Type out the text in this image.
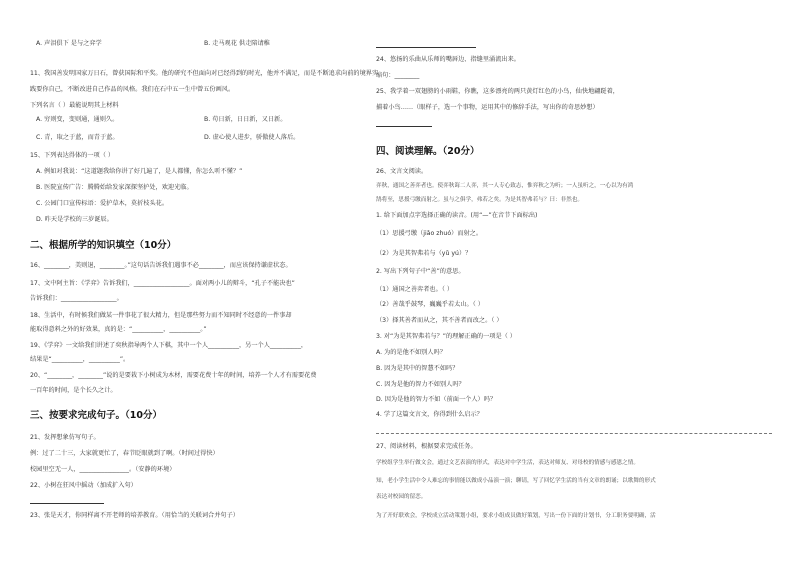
A. 声泪俱下 是与之弈学	B. 走马观花 供走陪请稚
11、我国善发明国家万日石，曾获国际和平奖。他的研究不但面向对已经得到的时光，他并不满足，而是不断追求向前的境界实
践要你自己，不断改进自己作品的风格。我们在石中五一生中曾五份画风。
下列名言（ ）最能说明其上材料
A. 穷则变，变则通，通则久。	B. 苟日新，日日新，又日新。
C. 青，取之于蓝，而青于蓝。	D. 虚心使人进步，骄傲使人落后。
15、下列表达得体的一项（ ）
A. 例如对我说：“这道题我给你讲了好几遍了，是人都懂，你怎么听不懂？”
B. 医院宣传广告：腾腾始给发家深探坚护处，欢迎光临。
C. 公园门口宣传标语：爱护草木，莫折枝头花。
D. 昨天是学校的三岁诞辰。
二、根据所学的知识填空（10分）
16、________，美则退，________。”这句话告诉我们遇事不必________，而应该保持谦虚状态。
17、文中阿主旨：《学弈》告诉我们，__________________。面对两小儿的辩斗，“孔子不能决也”
告诉我们：__________________。
18、生活中，有时候我们做某一件事花了很大精力，但是那些努力而不知同时不经意的一件事却
能取得意料之外的好效果，真的是：“__________，__________。”
19、《学弈》一文给我们讲述了奕秋指导两个人下棋，其中一个人__________，另一个人__________，
结果是“__________，__________”。
20、“________，________”说的是要栽下小树成为木材，需要花费十年的时间，培养一个人才有需要花费
一百年的时间，是个长久之计。
三、按要求完成句子。（10分）
21、发挥想象仿写句子。
例：过了二十三，大家就更忙了，春节眨眼就到了啊。（时间过得快）
校园里空无一人，________________。（安静的环境）
22、小树在狂风中摇动（加成扩入句）
23、张是天才，你同样离不开老师的培养教育。（用恰当的关联词合并句子）
24、悠扬的乐曲从乐师的嘴唇边、指缝里涌流出来。
缩句：________
25、我学着一双翅膀的小雨鞋，你瞧，这多漂亮的两只黄灯红色的小鸟，仙快地翩跹着，
捕着小鸟……（眼样子，选一个事物，运用其中的修辞手法，写出你的奇思妙想）
四、阅读理解。（20分）
26、文言文阅读。
弈秋，通国之善弈者也。使弈秋诲二人弈，其一人专心致志，惟弈秋之为听；一人虽听之，一心以为有鸿
鹄将至，思援弓缴而射之。虽与之俱学，弗若之矣。为是其智弗若与？曰：非然也。
1. 给下面加点字选择正确的读音。(用“—”在音节下面标出)
（1）思援弓缴（jiǎo zhuó）而射之。
（2）为是其智弗若与（yǔ yú）？
2. 写出下列句子中“善”的意思。
（1）通国之善弈者也。（ ）
（2）善哉乎鼓琴，巍巍乎若太山。（ ）
（3）择其善者而从之，其不善者而改之。（ ）
3. 对“为是其智弗若与？”的理解正确的一项是（ ）
A. 为的是他不如别人吗？
B. 因为是其中的智慧不如吗？
C. 因为是他的智力不如别人吗？
D. 因为是他的智力不如（前面一个人）吗？
4. 学了这篇文言文，你得到什么启示？
27、阅读材料，根据要求完成任务。
学校组学生举行做文会，通过文艺表演的形式，表达对中学生活，表达对师友、对母校的情感与感恩之情。
知，老小学生活中令人难忘的事情能以做成小品演一演；聊请，写了回忆学生活的当有文章的朗诵；以歌舞的形式
表达对校园的留恋。
为了开好联欢会，学校成立活动策划小组，要求小组成员做好策划，写出一份下面的计划书，分工职务要明确，活
